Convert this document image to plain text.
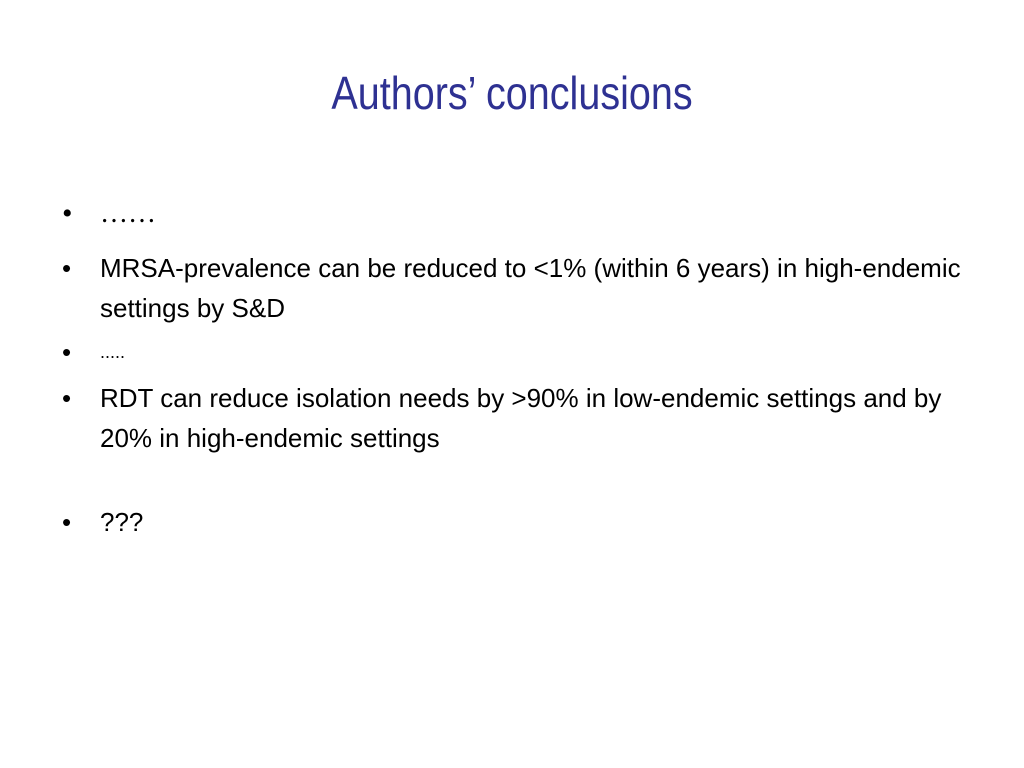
Authors’ conclusions
• ……
• MRSA-prevalence can be reduced to <1% (within 6 years) in high-endemic settings by S&D
• .....
• RDT can reduce isolation needs by >90% in low-endemic settings and by 20% in high-endemic settings
• ???
